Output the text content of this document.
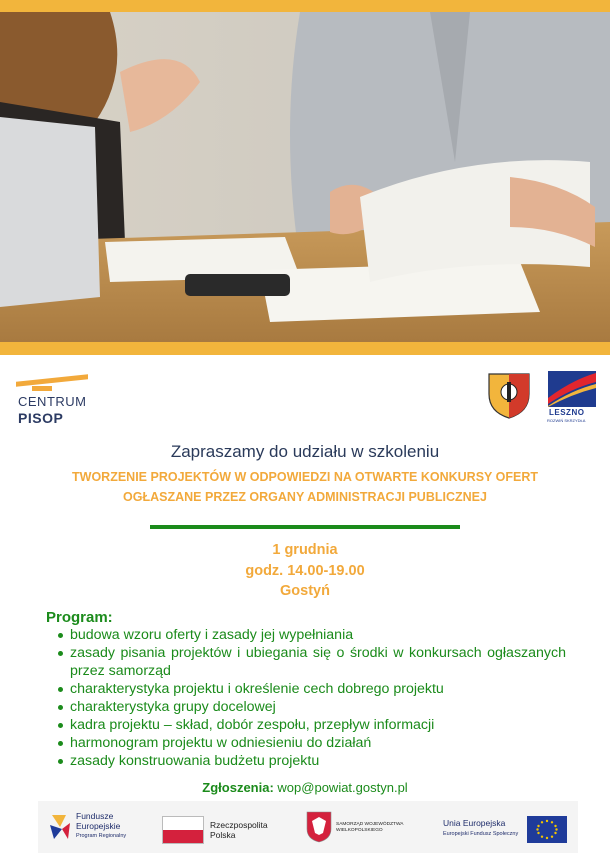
CENTRUM
PISOP	LESZNO
ROZWIŃ SKRZYDŁA
Zapraszamy do udziału w szkoleniu
TWORZENIE PROJEKTÓW W ODPOWIEDZI NA OTWARTE KONKURSY OFERT
OGŁASZANE PRZEZ ORGANY ADMINISTRACJI PUBLICZNEJ
1 grudnia
godz. 14.00-19.00
Gostyń
Program:
budowa wzoru oferty i zasady jej wypełniania
zasady pisania projektów i ubiegania się o środki w konkursach ogłaszanych przez samorząd
charakterystyka projektu i określenie cech dobrego projektu
charakterystyka grupy docelowej
kadra projektu – skład, dobór zespołu, przepływ informacji
harmonogram projektu w odniesieniu do działań
zasady konstruowania budżetu projektu
Zgłoszenia: wop@powiat.gostyn.pl
Fundusze
Europejskie
Program Regionalny
Rzeczpospolita
Polska
SAMORZĄD WOJEWÓDZTWA
WIELKOPOLSKIEGO
Unia Europejska
Europejski Fundusz Społeczny
